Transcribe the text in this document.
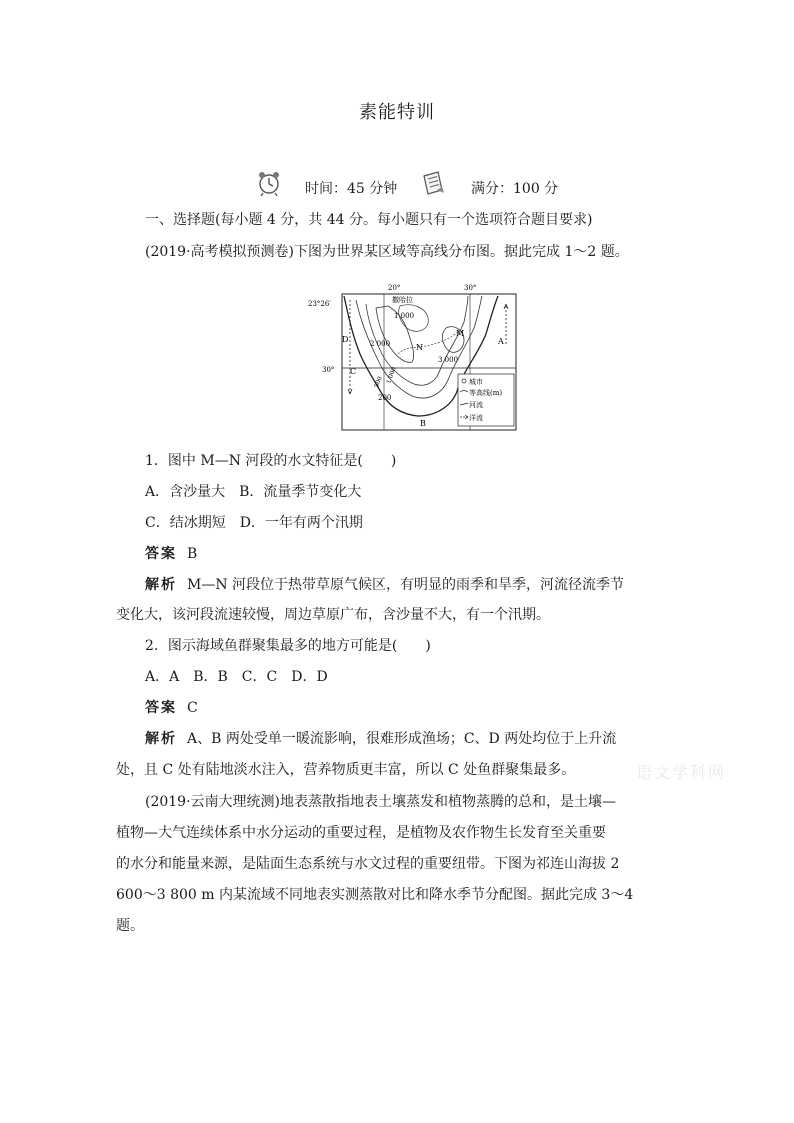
素能特训
时间：45 分钟	满分：100 分
一、选择题(每小题 4 分，共 44 分。每小题只有一个选项符合题目要求)
(2019·高考模拟预测卷)下图为世界某区域等高线分布图。据此完成 1～2 题。
20°	30°
23°26′
30°
撒哈拉
A
B
C
D
M
N
1 000
2 000
3 000
1 000
500
200
城市
等高线(m)
河流
洋流
1．图中 M—N 河段的水文特征是(　　)
A．含沙量大　B．流量季节变化大
C．结冰期短　D．一年有两个汛期
答案 B
解析 M—N 河段位于热带草原气候区，有明显的雨季和旱季，河流径流季节
变化大，该河段流速较慢，周边草原广布，含沙量不大，有一个汛期。
2．图示海域鱼群聚集最多的地方可能是(　　)
A．A　B．B　C．C　D．D
答案 C
解析 A、B 两处受单一暖流影响，很难形成渔场；C、D 两处均位于上升流
处，且 C 处有陆地淡水注入，营养物质更丰富，所以 C 处鱼群聚集最多。
(2019·云南大理统测)地表蒸散指地表土壤蒸发和植物蒸腾的总和，是土壤—
植物—大气连续体系中水分运动的重要过程，是植物及农作物生长发育至关重要
的水分和能量来源，是陆面生态系统与水文过程的重要纽带。下图为祁连山海拔 2
600～3 800 m 内某流域不同地表实测蒸散对比和降水季节分配图。据此完成 3～4
题。
语文学科网
